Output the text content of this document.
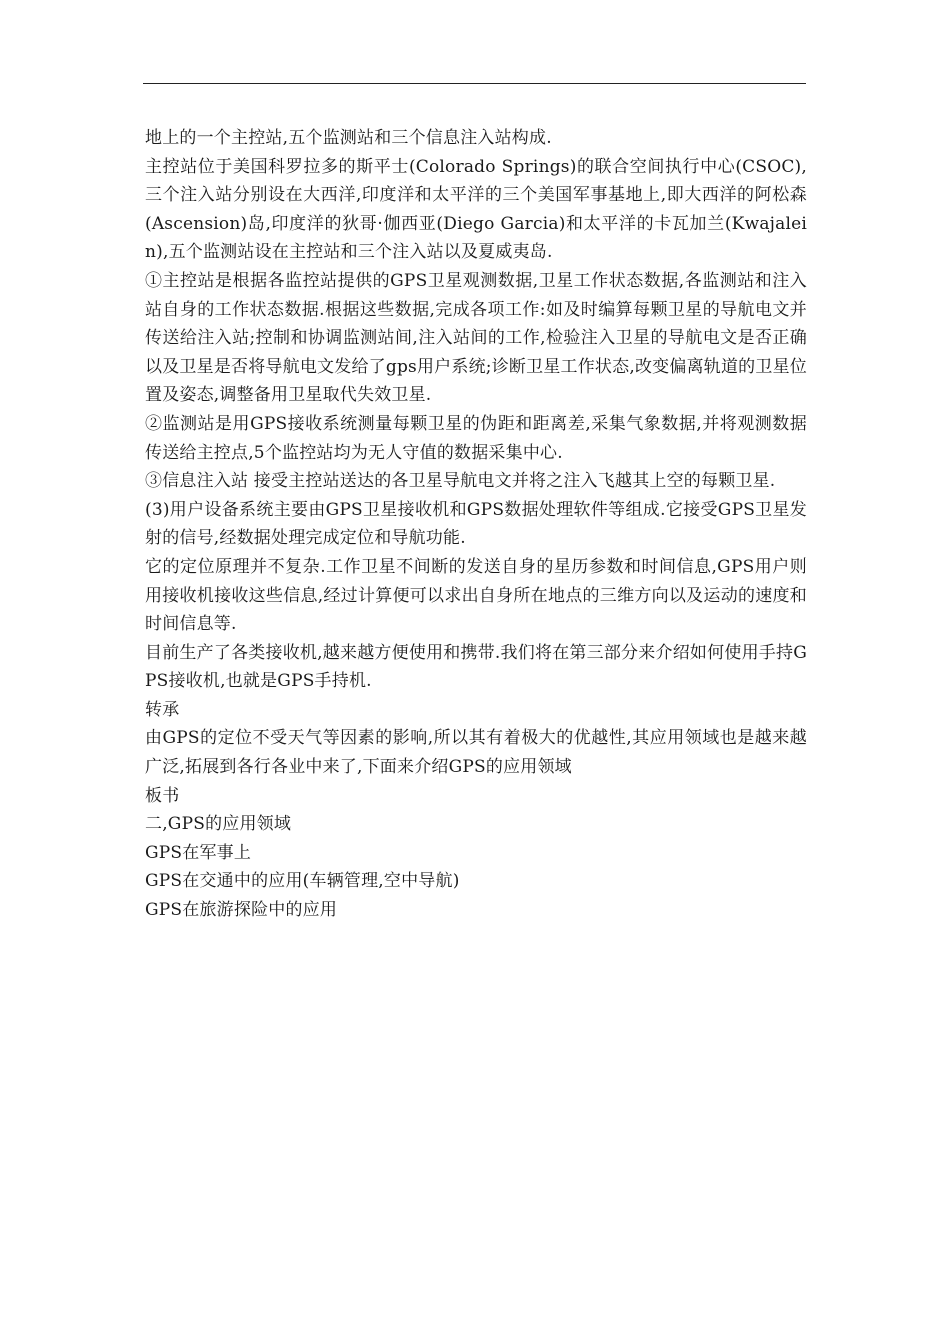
地上的一个主控站,五个监测站和三个信息注入站构成.

主控站位于美国科罗拉多的斯平士(Colorado Springs)的联合空间执行中心(CSOC),三个注入站分别设在大西洋,印度洋和太平洋的三个美国军事基地上,即大西洋的阿松森(Ascension)岛,印度洋的狄哥·伽西亚(Diego Garcia)和太平洋的卡瓦加兰(Kwajalein),五个监测站设在主控站和三个注入站以及夏威夷岛.

①主控站是根据各监控站提供的GPS卫星观测数据,卫星工作状态数据,各监测站和注入站自身的工作状态数据.根据这些数据,完成各项工作:如及时编算每颗卫星的导航电文并传送给注入站;控制和协调监测站间,注入站间的工作,检验注入卫星的导航电文是否正确以及卫星是否将导航电文发给了gps用户系统;诊断卫星工作状态,改变偏离轨道的卫星位置及姿态,调整备用卫星取代失效卫星.

②监测站是用GPS接收系统测量每颗卫星的伪距和距离差,采集气象数据,并将观测数据传送给主控点,5个监控站均为无人守值的数据采集中心.

③信息注入站 接受主控站送达的各卫星导航电文并将之注入飞越其上空的每颗卫星.

(3)用户设备系统主要由GPS卫星接收机和GPS数据处理软件等组成.它接受GPS卫星发射的信号,经数据处理完成定位和导航功能.

它的定位原理并不复杂.工作卫星不间断的发送自身的星历参数和时间信息,GPS用户则用接收机接收这些信息,经过计算便可以求出自身所在地点的三维方向以及运动的速度和时间信息等.

目前生产了各类接收机,越来越方便使用和携带.我们将在第三部分来介绍如何使用手持GPS接收机,也就是GPS手持机.

转承

由GPS的定位不受天气等因素的影响,所以其有着极大的优越性,其应用领域也是越来越广泛,拓展到各行各业中来了,下面来介绍GPS的应用领域

板书

二,GPS的应用领域

GPS在军事上

GPS在交通中的应用(车辆管理,空中导航)

GPS在旅游探险中的应用
